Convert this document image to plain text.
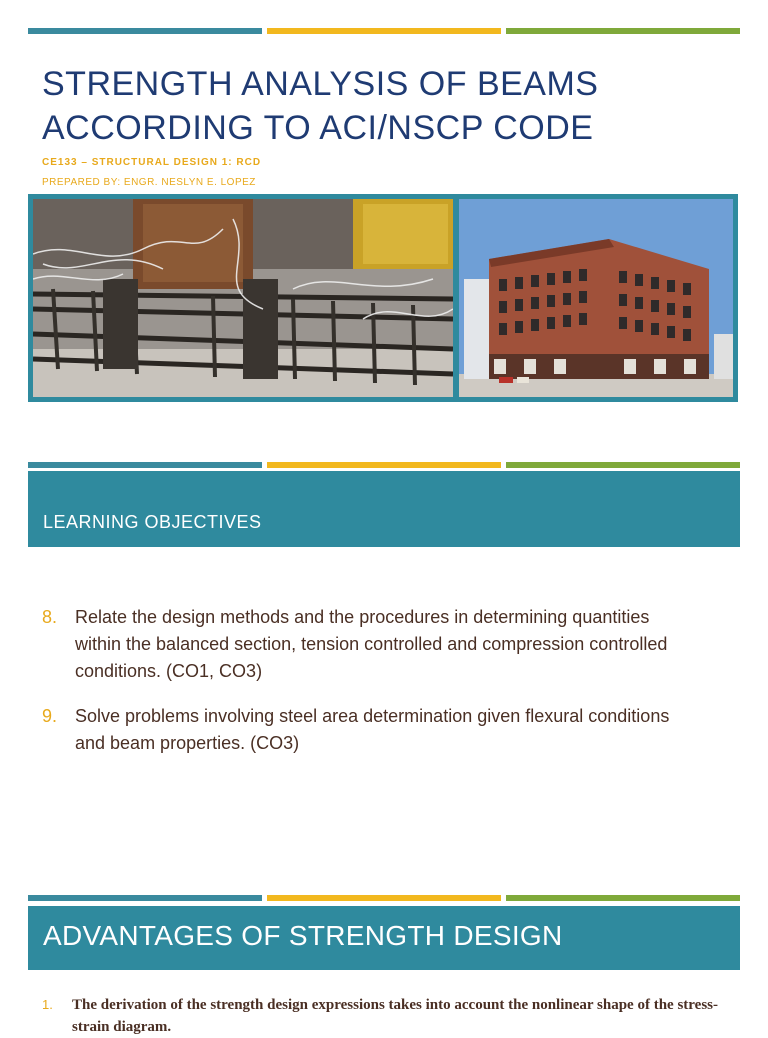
STRENGTH ANALYSIS OF BEAMS ACCORDING TO ACI/NSCP CODE

CE133 – STRUCTURAL DESIGN 1: RCD

PREPARED BY: ENGR. NESLYN E. LOPEZ

LEARNING OBJECTIVES
8. Relate the design methods and the procedures in determining quantities within the balanced section, tension controlled and compression controlled conditions. (CO1, CO3)
9. Solve problems involving steel area determination given flexural conditions and beam properties. (CO3)
ADVANTAGES OF STRENGTH DESIGN
1. The derivation of the strength design expressions takes into account the nonlinear shape of the stress-strain diagram.
